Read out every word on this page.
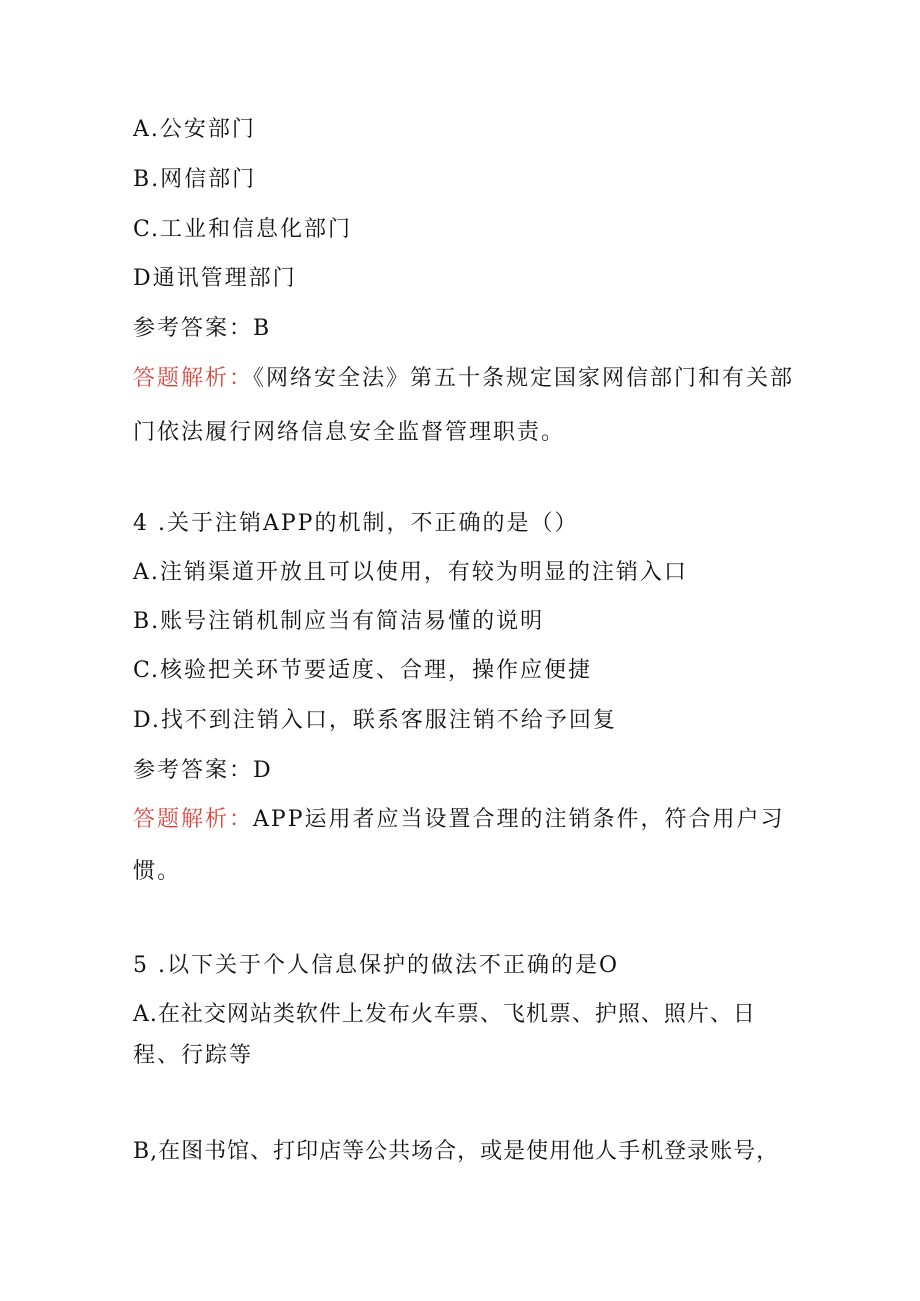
A.公安部门
B.网信部门
C.工业和信息化部门
D通讯管理部门
参考答案：B
答题解析：《网络安全法》第五十条规定国家网信部门和有关部
门依法履行网络信息安全监督管理职责。
4 .关于注销APP的机制，不正确的是（）
A.注销渠道开放且可以使用，有较为明显的注销入口
B.账号注销机制应当有简洁易懂的说明
C.核验把关环节要适度、合理，操作应便捷
D.找不到注销入口，联系客服注销不给予回复
参考答案：D
答题解析：APP运用者应当设置合理的注销条件，符合用户习
惯。
5 .以下关于个人信息保护的做法不正确的是O
A.在社交网站类软件上发布火车票、飞机票、护照、照片、日
程、行踪等
B,在图书馆、打印店等公共场合，或是使用他人手机登录账号，
